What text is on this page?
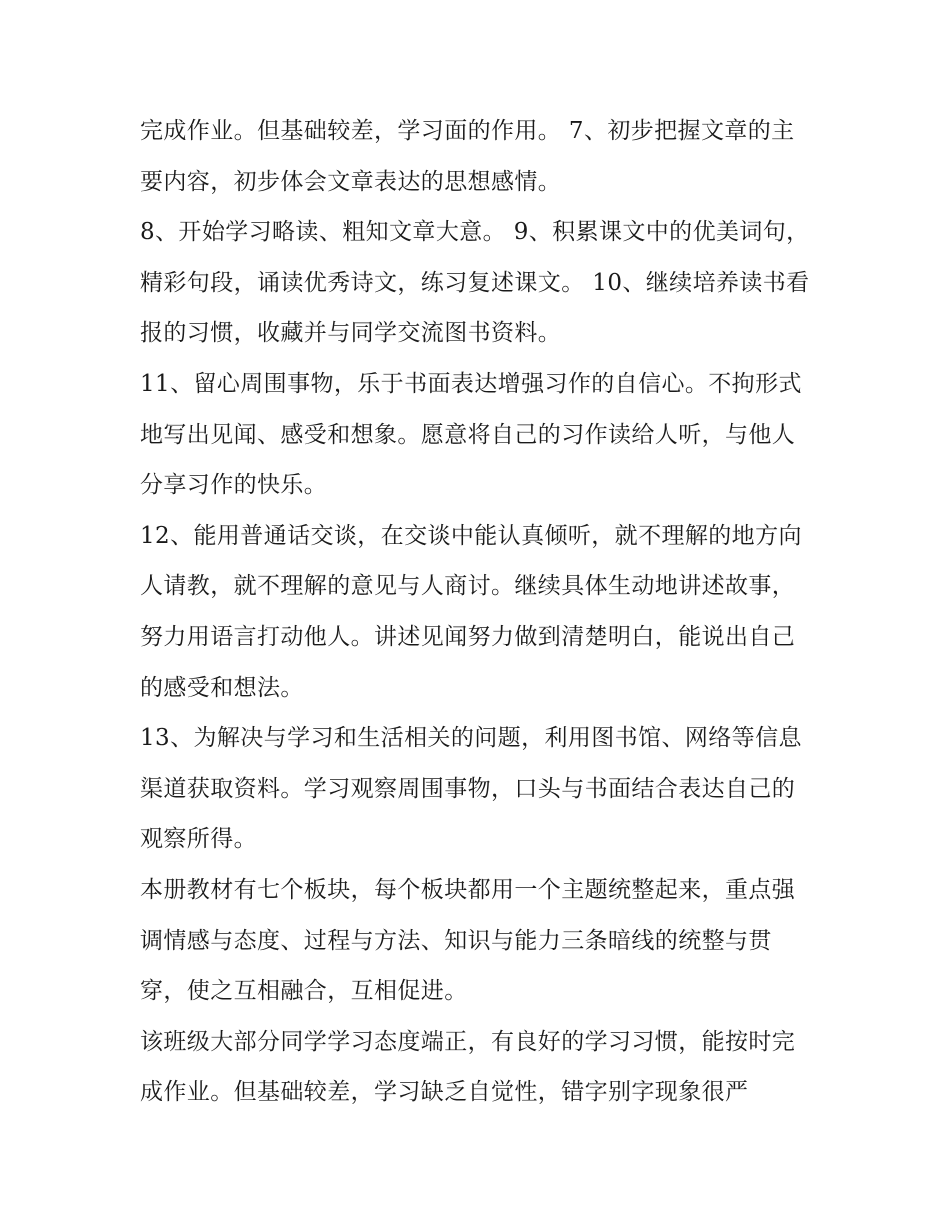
完成作业。但基础较差，学习面的作用。 7、初步把握文章的主要内容，初步体会文章表达的思想感情。

8、开始学习略读、粗知文章大意。 9、积累课文中的优美词句，精彩句段，诵读优秀诗文，练习复述课文。 10、继续培养读书看报的习惯，收藏并与同学交流图书资料。

11、留心周围事物，乐于书面表达增强习作的自信心。不拘形式地写出见闻、感受和想象。愿意将自己的习作读给人听，与他人分享习作的快乐。

12、能用普通话交谈，在交谈中能认真倾听，就不理解的地方向人请教，就不理解的意见与人商讨。继续具体生动地讲述故事，努力用语言打动他人。讲述见闻努力做到清楚明白，能说出自己的感受和想法。

13、为解决与学习和生活相关的问题，利用图书馆、网络等信息渠道获取资料。学习观察周围事物，口头与书面结合表达自己的观察所得。

本册教材有七个板块，每个板块都用一个主题统整起来，重点强调情感与态度、过程与方法、知识与能力三条暗线的统整与贯穿，使之互相融合，互相促进。

该班级大部分同学学习态度端正，有良好的学习习惯，能按时完成作业。但基础较差，学习缺乏自觉性，错字别字现象很严
